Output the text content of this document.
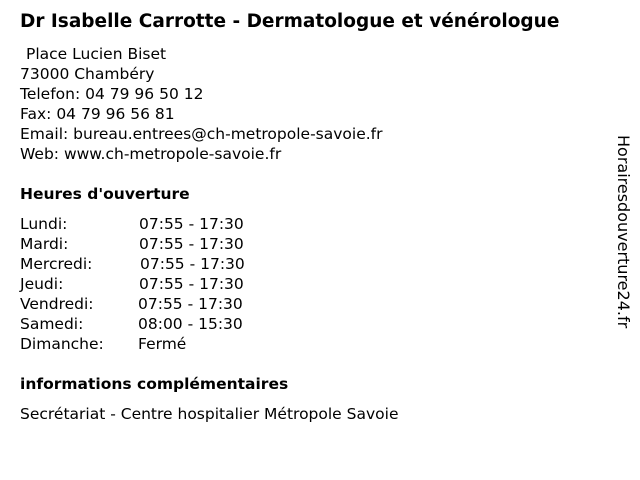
Dr Isabelle Carrotte - Dermatologue et vénérologue
Place Lucien Biset
73000 Chambéry
Telefon: 04 79 96 50 12
Fax: 04 79 96 56 81
Email: bureau.entrees@ch-metropole-savoie.fr
Web: www.ch-metropole-savoie.fr
Heures d'ouverture
Lundi:	07:55 - 17:30
Mardi:	07:55 - 17:30
Mercredi:	07:55 - 17:30
Jeudi:	07:55 - 17:30
Vendredi:	07:55 - 17:30
Samedi:	08:00 - 15:30
Dimanche: Fermé
informations complémentaires
Secrétariat - Centre hospitalier Métropole Savoie
Horairesdouverture24.fr
